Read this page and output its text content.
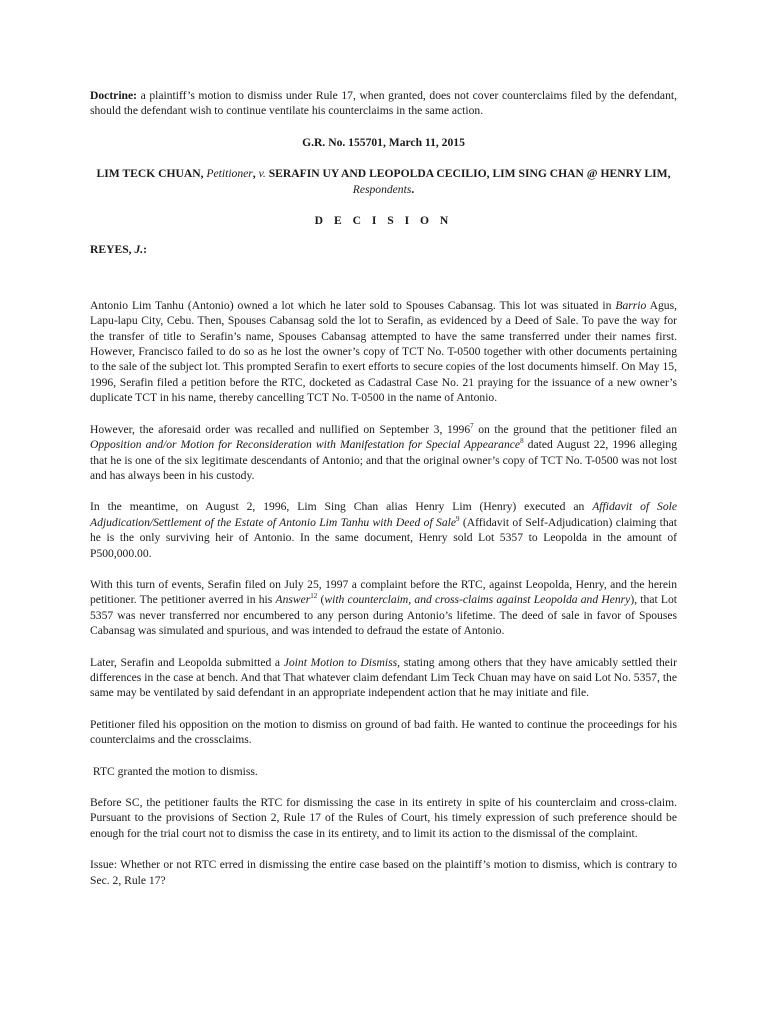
Doctrine: a plaintiff’s motion to dismiss under Rule 17, when granted, does not cover counterclaims filed by the defendant, should the defendant wish to continue ventilate his counterclaims in the same action.

G.R. No. 155701, March 11, 2015

LIM TECK CHUAN, Petitioner, v. SERAFIN UY AND LEOPOLDA CECILIO, LIM SING CHAN @ HENRY LIM, Respondents.

D E C I S I O N

REYES, J.:

Antonio Lim Tanhu (Antonio) owned a lot which he later sold to Spouses Cabansag. This lot was situated in Barrio Agus, Lapu-lapu City, Cebu. Then, Spouses Cabansag sold the lot to Serafin, as evidenced by a Deed of Sale. To pave the way for the transfer of title to Serafin’s name, Spouses Cabansag attempted to have the same transferred under their names first. However, Francisco failed to do so as he lost the owner’s copy of TCT No. T-0500 together with other documents pertaining to the sale of the subject lot. This prompted Serafin to exert efforts to secure copies of the lost documents himself. On May 15, 1996, Serafin filed a petition before the RTC, docketed as Cadastral Case No. 21 praying for the issuance of a new owner’s duplicate TCT in his name, thereby cancelling TCT No. T-0500 in the name of Antonio.

However, the aforesaid order was recalled and nullified on September 3, 1996$^7$ on the ground that the petitioner filed an Opposition and/or Motion for Reconsideration with Manifestation for Special Appearance$^8$ dated August 22, 1996 alleging that he is one of the six legitimate descendants of Antonio; and that the original owner’s copy of TCT No. T-0500 was not lost and has always been in his custody.

In the meantime, on August 2, 1996, Lim Sing Chan alias Henry Lim (Henry) executed an Affidavit of Sole Adjudication/Settlement of the Estate of Antonio Lim Tanhu with Deed of Sale$^9$ (Affidavit of Self-Adjudication) claiming that he is the only surviving heir of Antonio. In the same document, Henry sold Lot 5357 to Leopolda in the amount of P500,000.00.

With this turn of events, Serafin filed on July 25, 1997 a complaint before the RTC, against Leopolda, Henry, and the herein petitioner. The petitioner averred in his Answer$^{12}$ (with counterclaim, and cross-claims against Leopolda and Henry), that Lot 5357 was never transferred nor encumbered to any person during Antonio’s lifetime. The deed of sale in favor of Spouses Cabansag was simulated and spurious, and was intended to defraud the estate of Antonio.

Later, Serafin and Leopolda submitted a Joint Motion to Dismiss, stating among others that they have amicably settled their differences in the case at bench. And that That whatever claim defendant Lim Teck Chuan may have on said Lot No. 5357, the same may be ventilated by said defendant in an appropriate independent action that he may initiate and file.

Petitioner filed his opposition on the motion to dismiss on ground of bad faith. He wanted to continue the proceedings for his counterclaims and the crossclaims.

RTC granted the motion to dismiss.

Before SC, the petitioner faults the RTC for dismissing the case in its entirety in spite of his counterclaim and cross-claim. Pursuant to the provisions of Section 2, Rule 17 of the Rules of Court, his timely expression of such preference should be enough for the trial court not to dismiss the case in its entirety, and to limit its action to the dismissal of the complaint.

Issue: Whether or not RTC erred in dismissing the entire case based on the plaintiff’s motion to dismiss, which is contrary to Sec. 2, Rule 17?
